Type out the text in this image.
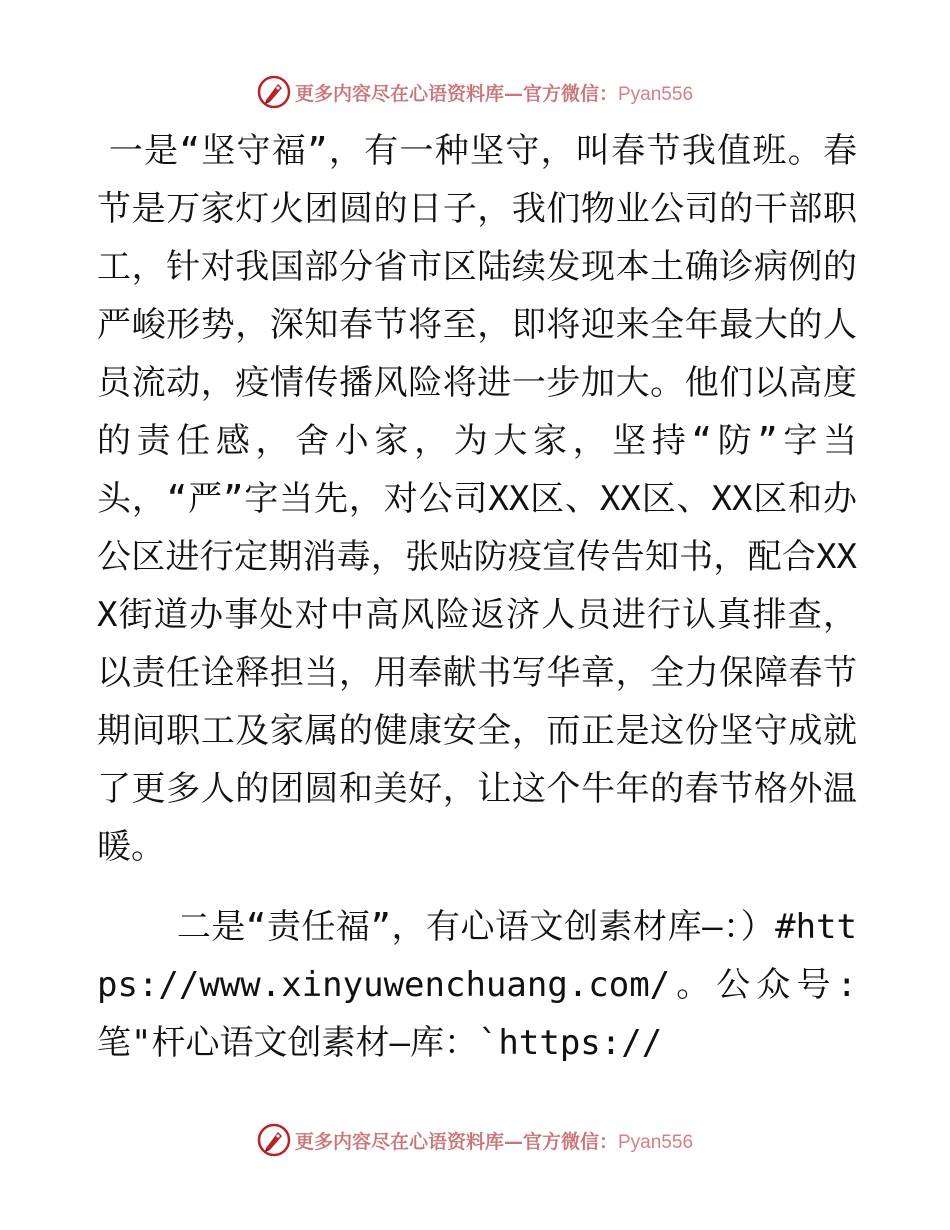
更多内容尽在心语资料库—官方微信：Pyan556

一是“坚守福”，有一种坚守，叫春节我值班。春节是万家灯火团圆的日子，我们物业公司的干部职工，针对我国部分省市区陆续发现本土确诊病例的严峻形势，深知春节将至，即将迎来全年最大的人员流动，疫情传播风险将进一步加大。他们以高度的责任感，舍小家，为大家，坚持“防”字当头，“严”字当先，对公司XX区、XX区、XX区和办公区进行定期消毒，张贴防疫宣传告知书，配合XXX街道办事处对中高风险返济人员进行认真排查，以责任诠释担当，用奉献书写华章，全力保障春节期间职工及家属的健康安全，而正是这份坚守成就了更多人的团圆和美好，让这个牛年的春节格外温暖。

二是“责任福”，有心语文创素材库—：）#https://www.xinyuwenchuang.com/。公众号:笔"杆心语文创素材—库：`https://

更多内容尽在心语资料库—官方微信：Pyan556
